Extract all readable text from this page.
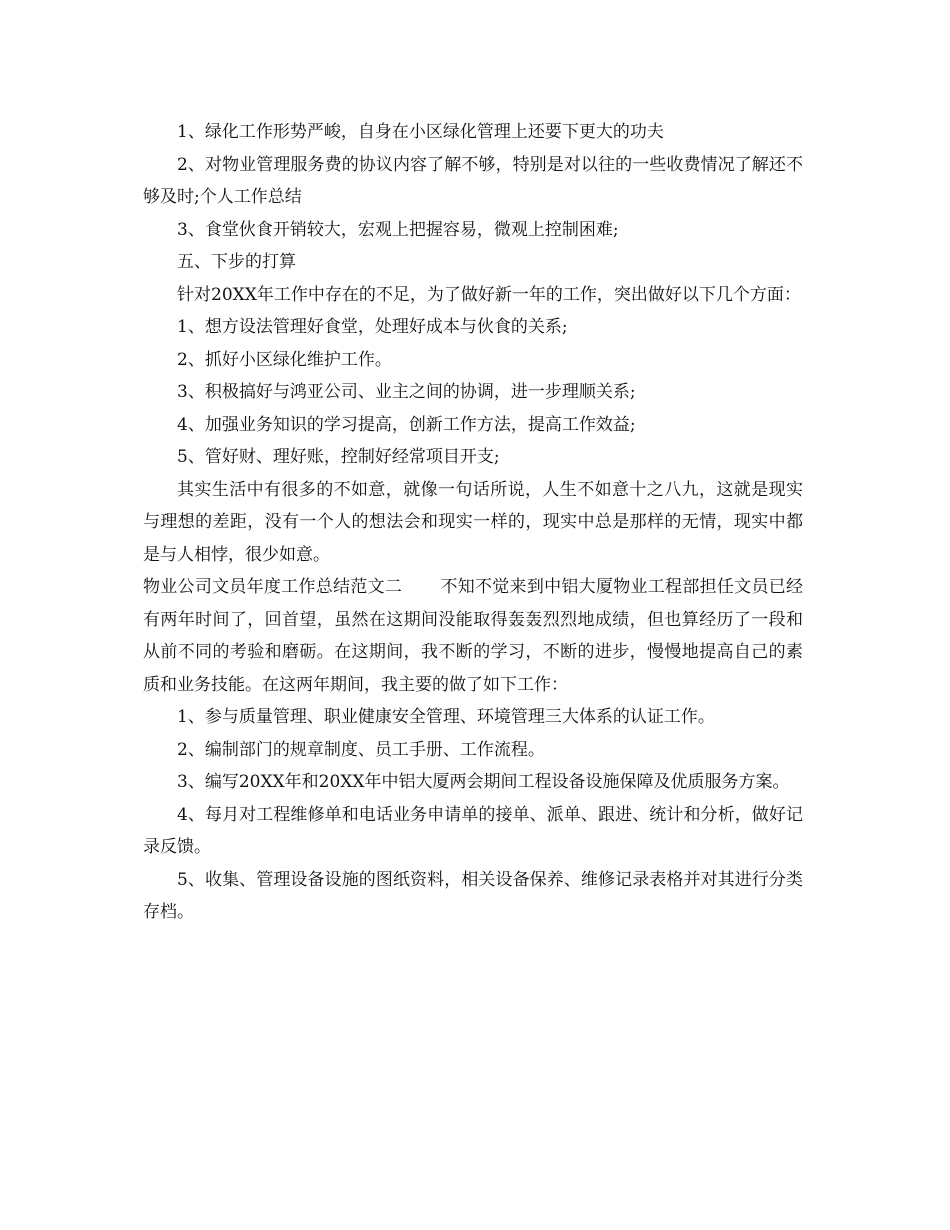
1、绿化工作形势严峻，自身在小区绿化管理上还要下更大的功夫

2、对物业管理服务费的协议内容了解不够，特别是对以往的一些收费情况了解还不够及时;个人工作总结

3、食堂伙食开销较大，宏观上把握容易，微观上控制困难;

五、下步的打算

针对20XX年工作中存在的不足，为了做好新一年的工作，突出做好以下几个方面：

1、想方设法管理好食堂，处理好成本与伙食的关系;

2、抓好小区绿化维护工作。

3、积极搞好与鸿亚公司、业主之间的协调，进一步理顺关系;

4、加强业务知识的学习提高，创新工作方法，提高工作效益;

5、管好财、理好账，控制好经常项目开支;

其实生活中有很多的不如意，就像一句话所说，人生不如意十之八九，这就是现实与理想的差距，没有一个人的想法会和现实一样的，现实中总是那样的无情，现实中都是与人相悖，很少如意。

物业公司文员年度工作总结范文二 不知不觉来到中铝大厦物业工程部担任文员已经有两年时间了，回首望，虽然在这期间没能取得轰轰烈烈地成绩，但也算经历了一段和从前不同的考验和磨砺。在这期间，我不断的学习，不断的进步，慢慢地提高自己的素质和业务技能。在这两年期间，我主要的做了如下工作：

1、参与质量管理、职业健康安全管理、环境管理三大体系的认证工作。

2、编制部门的规章制度、员工手册、工作流程。

3、编写20XX年和20XX年中铝大厦两会期间工程设备设施保障及优质服务方案。

4、每月对工程维修单和电话业务申请单的接单、派单、跟进、统计和分析，做好记录反馈。

5、收集、管理设备设施的图纸资料，相关设备保养、维修记录表格并对其进行分类存档。
